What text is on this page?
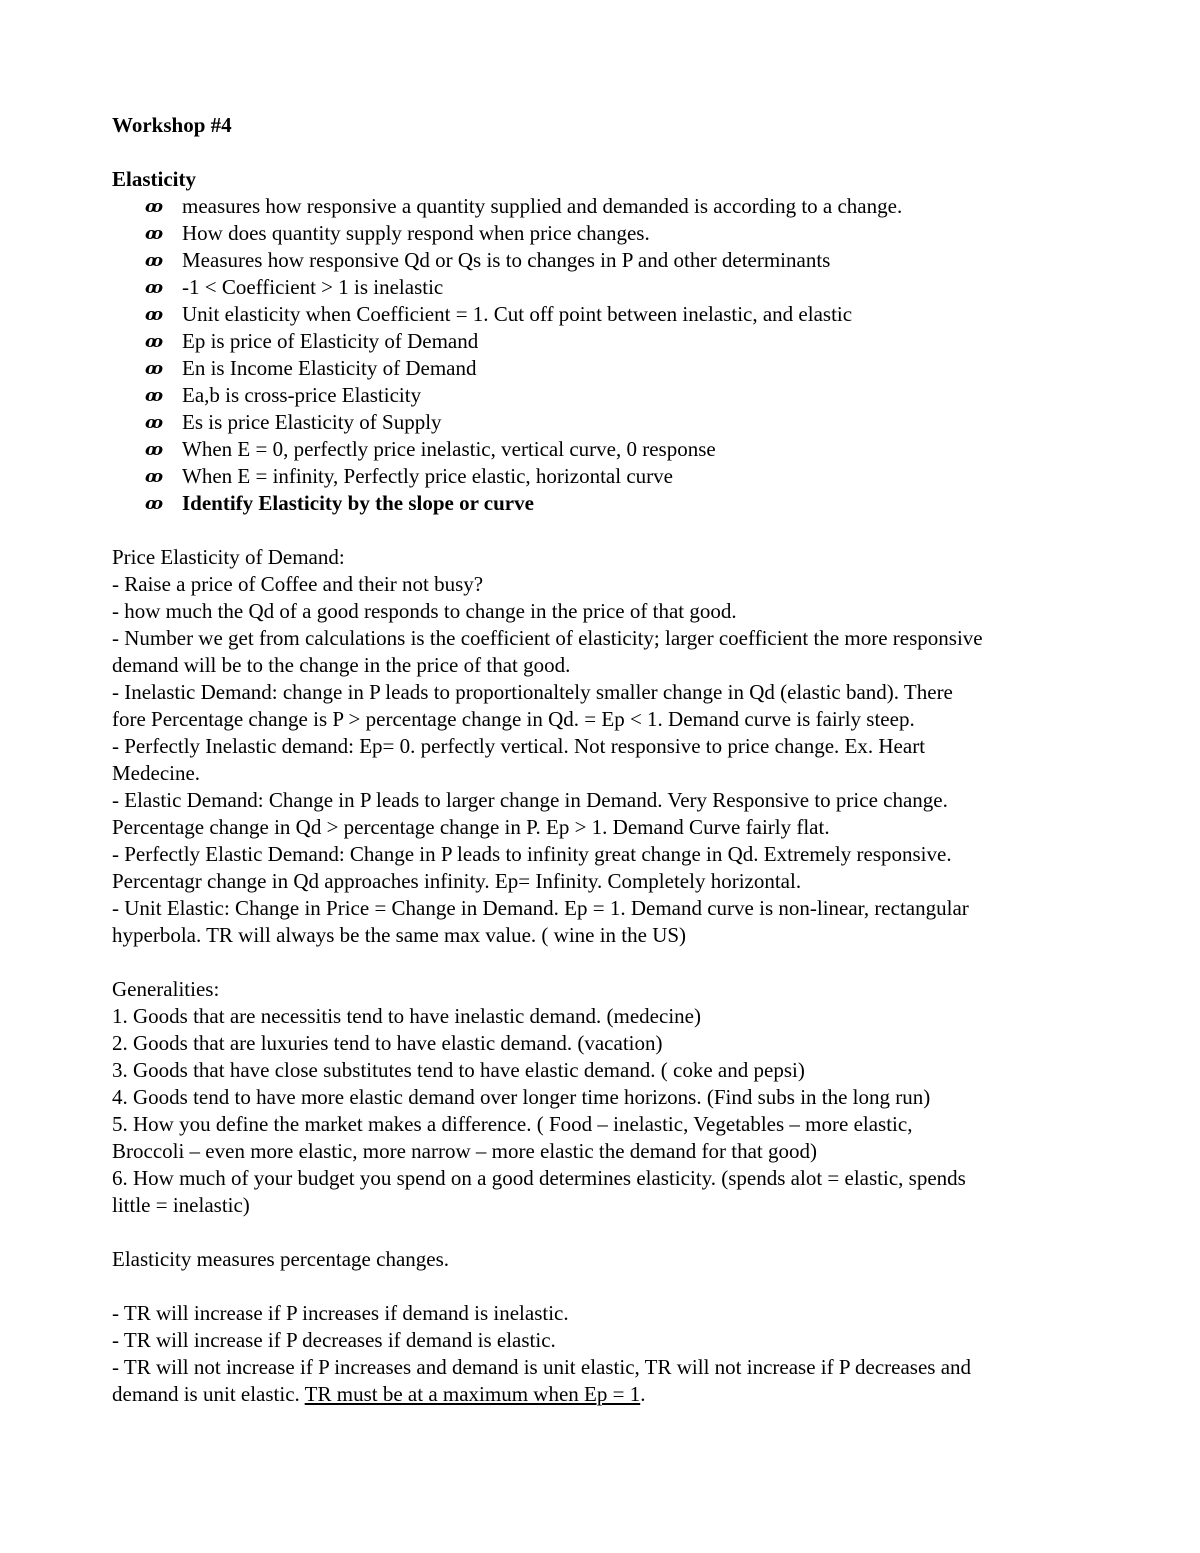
Workshop #4
Elasticity
ꝏ	measures how responsive a quantity supplied and demanded is according to a change.
ꝏ	How does quantity supply respond when price changes.
ꝏ	Measures how responsive Qd or Qs is to changes in P and other determinants
ꝏ	-1 < Coefficient > 1 is inelastic
ꝏ	Unit elasticity when Coefficient = 1. Cut off point between inelastic, and elastic
ꝏ	Ep is price of Elasticity of Demand
ꝏ	En is Income Elasticity of Demand
ꝏ	Ea,b is cross-price Elasticity
ꝏ	Es is price Elasticity of Supply
ꝏ	When E = 0, perfectly price inelastic, vertical curve, 0 response
ꝏ	When E = infinity, Perfectly price elastic, horizontal curve
ꝏ	Identify Elasticity by the slope or curve
Price Elasticity of Demand:
- Raise a price of Coffee and their not busy?
- how much the Qd of a good responds to change in the price of that good.
- Number we get from calculations is the coefficient of elasticity; larger coefficient the more responsive
demand will be to the change in the price of that good.
- Inelastic Demand: change in P leads to proportionaltely smaller change in Qd (elastic band). There
fore Percentage change is P > percentage change in Qd. = Ep < 1. Demand curve is fairly steep.
- Perfectly Inelastic demand: Ep= 0. perfectly vertical. Not responsive to price change. Ex. Heart
Medecine.
- Elastic Demand: Change in P leads to larger change in Demand. Very Responsive to price change.
Percentage change in Qd > percentage change in P. Ep > 1. Demand Curve fairly flat.
- Perfectly Elastic Demand: Change in P leads to infinity great change in Qd. Extremely responsive.
Percentagr change in Qd approaches infinity. Ep= Infinity. Completely horizontal.
- Unit Elastic: Change in Price = Change in Demand. Ep = 1. Demand curve is non-linear, rectangular
hyperbola. TR will always be the same max value. ( wine in the US)
Generalities:
1. Goods that are necessitis tend to have inelastic demand. (medecine)
2. Goods that are luxuries tend to have elastic demand. (vacation)
3. Goods that have close substitutes tend to have elastic demand. ( coke and pepsi)
4. Goods tend to have more elastic demand over longer time horizons. (Find subs in the long run)
5. How you define the market makes a difference. ( Food – inelastic, Vegetables – more elastic,
Broccoli – even more elastic, more narrow – more elastic the demand for that good)
6. How much of your budget you spend on a good determines elasticity. (spends alot = elastic, spends
little = inelastic)
Elasticity measures percentage changes.
- TR will increase if P increases if demand is inelastic.
- TR will increase if P decreases if demand is elastic.
- TR will not increase if P increases and demand is unit elastic, TR will not increase if P decreases and
demand is unit elastic. TR must be at a maximum when Ep = 1.
